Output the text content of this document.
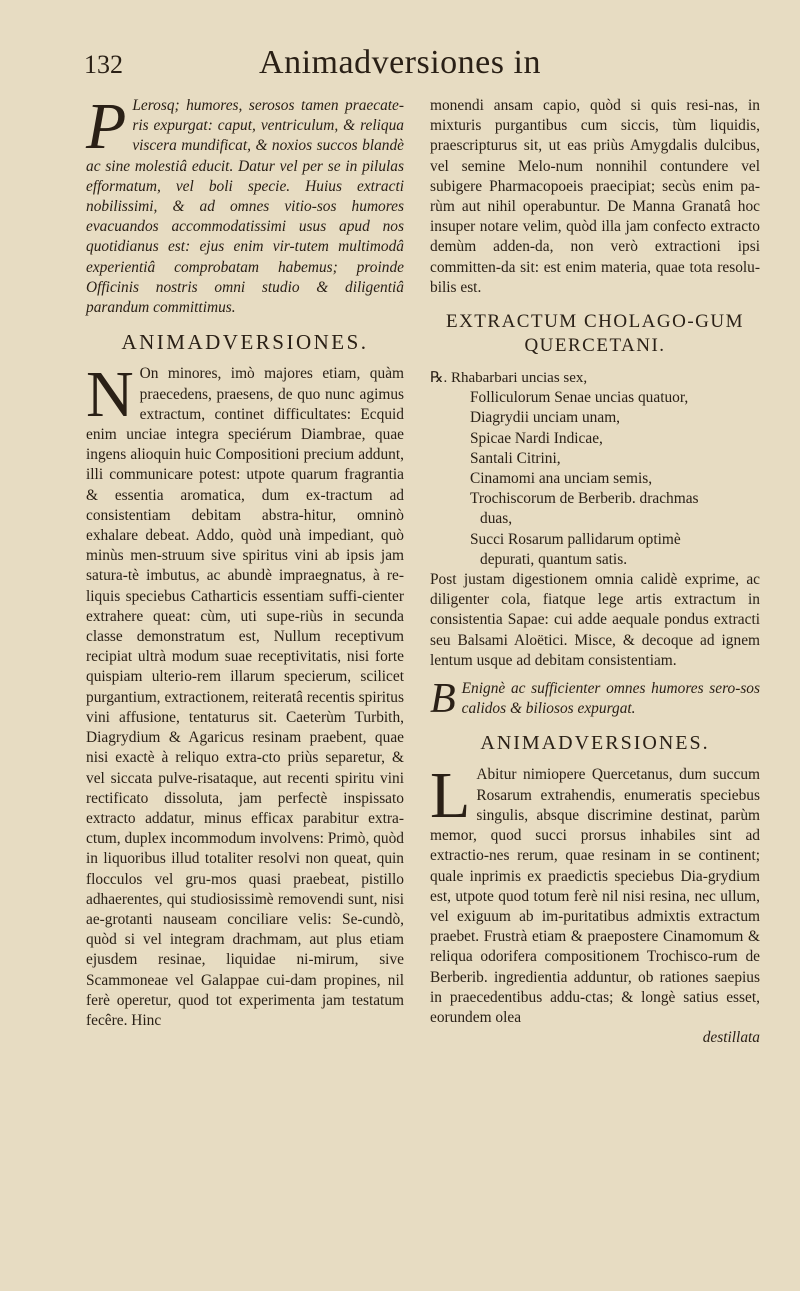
132	Animadversiones in

P Lerosq; humores, serosos tamen praecate-ris expurgat: caput, ventriculum, & reliqua viscera mundificat, & noxios succos blandè ac sine molestiâ educit. Datur vel per se in pilulas efformatum, vel boli specie. Huius extracti nobilissimi, & ad omnes vitio-sos humores evacuandos accommodatissimi usus apud nos quotidianus est: ejus enim vir-tutem multimodâ experientiâ comprobatam habemus; proinde Officinis nostris omni studio & diligentiâ parandum committimus.

ANIMADVERSIONES.

N On minores, imò majores etiam, quàm praecedens, praesens, de quo nunc agimus extractum, continet difficultates: Ecquid enim unciae integra speciérum Diambrae, quae ingens alioquin huic Compositioni precium addunt, illi communicare potest: utpote quarum fragrantia & essentia aromatica, dum ex-tractum ad consistentiam debitam abstra-hitur, omninò exhalare debeat. Addo, quòd unà impediant, quò minùs men-struum sive spiritus vini ab ipsis jam satura-tè imbutus, ac abundè impraegnatus, à re-liquis speciebus Catharticis essentiam suffi-cienter extrahere queat: cùm, uti supe-riùs in secunda classe demonstratum est, Nullum receptivum recipiat ultrà modum suae receptivitatis, nisi forte quispiam ulterio-rem illarum specierum, scilicet purgantium, extractionem, reiteratâ recentis spiritus vini affusione, tentaturus sit. Caeterùm Turbith, Diagrydium & Agaricus resinam praebent, quae nisi exactè à reliquo extra-cto priùs separetur, & vel siccata pulve-risataque, aut recenti spiritu vini rectificato dissoluta, jam perfectè inspissato extracto addatur, minus efficax parabitur extra-ctum, duplex incommodum involvens: Primò, quòd in liquoribus illud totaliter resolvi non queat, quin flocculos vel gru-mos quasi praebeat, pistillo adhaerentes, qui studiosissimè removendi sunt, nisi ae-grotanti nauseam conciliare velis: Se-cundò, quòd si vel integram drachmam, aut plus etiam ejusdem resinae, liquidae ni-mirum, sive Scammoneae vel Galappae cui-dam propines, nil ferè operetur, quod tot experimenta jam testatum fecêre. Hinc

monendi ansam capio, quòd si quis resi-nas, in mixturis purgantibus cum siccis, tùm liquidis, praescripturus sit, ut eas priùs Amygdalis dulcibus, vel semine Melo-num nonnihil contundere vel subigere Pharmacopoeis praecipiat; secùs enim pa-rùm aut nihil operabuntur. De Manna Granatâ hoc insuper notare velim, quòd illa jam confecto extracto demùm adden-da, non verò extractioni ipsi committen-da sit: est enim materia, quae tota resolu-bilis est.

EXTRACTUM CHOLAGO-GUM QUERCETANI.
℞. Rhabarbari uncias sex,
Folliculorum Senae uncias quatuor,
Diagrydii unciam unam,
Spicae Nardi Indicae,
Santali Citrini,
Cinamomi ana unciam semis,
Trochiscorum de Berberib. drachmas
duas,
Succi Rosarum pallidarum optimè
depurati, quantum satis.

Post justam digestionem omnia calidè exprime, ac diligenter cola, fiatque lege artis extractum in consistentia Sapae: cui adde aequale pondus extracti seu Balsami Aloëtici. Misce, & decoque ad ignem lentum usque ad debitam consistentiam.

B Enignè ac sufficienter omnes humores sero-sos calidos & biliosos expurgat.

ANIMADVERSIONES.

L Abitur nimiopere Quercetanus, dum succum Rosarum extrahendis, enumeratis speciebus singulis, absque discrimine destinat, parùm memor, quod succi prorsus inhabiles sint ad extractio-nes rerum, quae resinam in se continent; quale inprimis ex praedictis speciebus Dia-grydium est, utpote quod totum ferè nil nisi resina, nec ullum, vel exiguum ab im-puritatibus admixtis extractum praebet. Frustrà etiam & praepostere Cinamomum & reliqua odorifera compositionem Trochisco-rum de Berberib. ingredientia adduntur, ob rationes saepius in praecedentibus addu-ctas; & longè satius esset, eorundem olea

destillata
